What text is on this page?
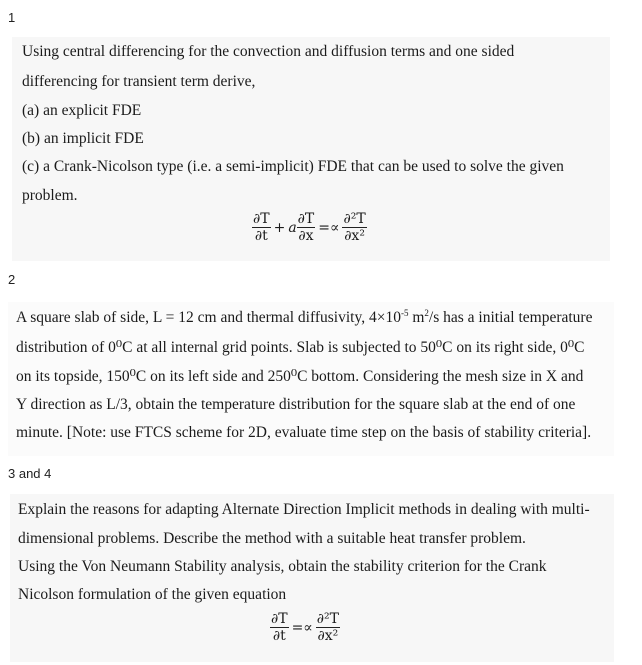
1
Using central differencing for the convection and diffusion terms and one sided
differencing for transient term derive,
(a) an explicit FDE
(b) an implicit FDE
(c) a Crank-Nicolson type (i.e. a semi-implicit) FDE that can be used to solve the given
problem.
$\frac{\partial T}{\partial t} + a \frac{\partial T}{\partial x} =\propto \frac{\text{∂²T}}{\text{∂x²}}$
2
A square slab of side, L = 12 cm and thermal diffusivity, $4\times 10^{-5}$ $m^2/s$ has a initial temperature
distribution of 0⁰C at all internal grid points. Slab is subjected to 50⁰C on its right side, 0⁰C
on its topside, 150⁰C on its left side and 250⁰C bottom. Considering the mesh size in X and
Y direction as L/3, obtain the temperature distribution for the square slab at the end of one
minute. [Note: use FTCS scheme for 2D, evaluate time step on the basis of stability criteria].
3 and 4
Explain the reasons for adapting Alternate Direction Implicit methods in dealing with multi-
dimensional problems. Describe the method with a suitable heat transfer problem.
Using the Von Neumann Stability analysis, obtain the stability criterion for the Crank
Nicolson formulation of the given equation
$\frac{\partial T}{\partial t} =\propto \frac{\text{∂²T}}{\text{∂x²}}$
